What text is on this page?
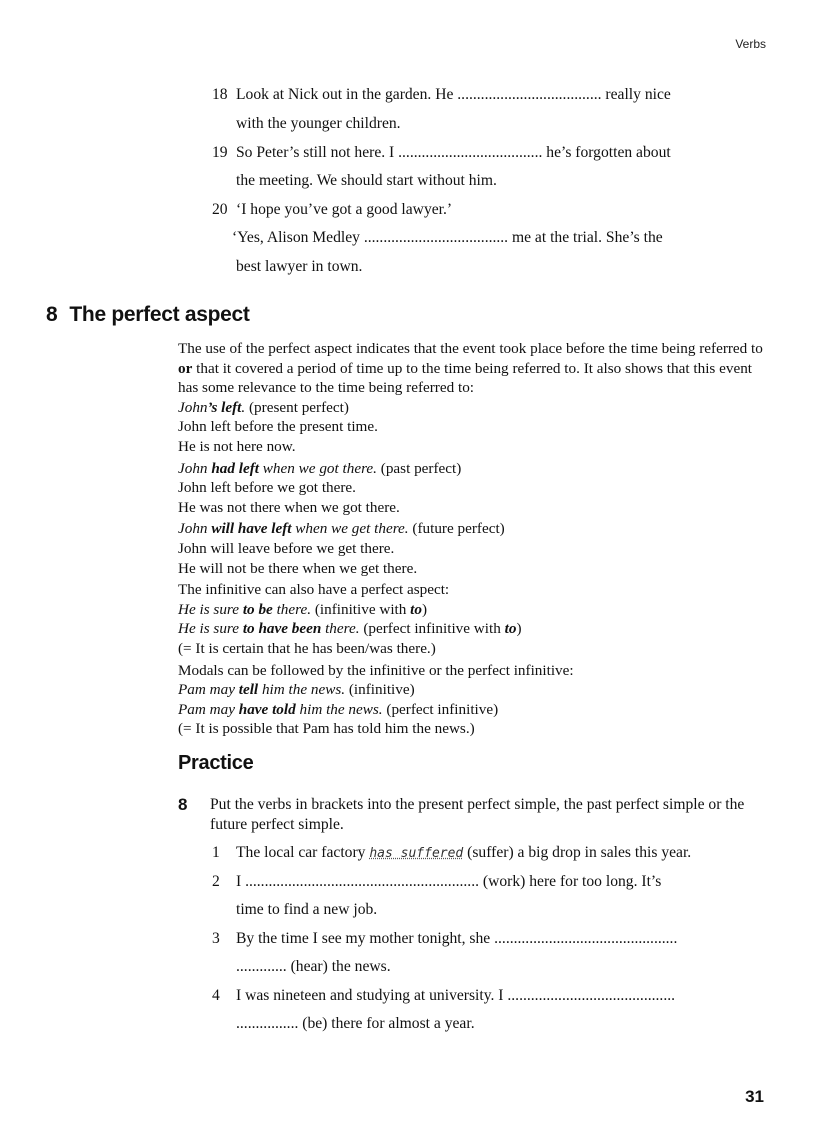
Verbs
31
18 Look at Nick out in the garden. He ..................................... really nice
with the younger children.
19 So Peter’s still not here. I ..................................... he’s forgotten about
the meeting. We should start without him.
20 ‘I hope you’ve got a good lawyer.’
‘Yes, Alison Medley ..................................... me at the trial. She’s the
best lawyer in town.
8 The perfect aspect

The use of the perfect aspect indicates that the event took place before the time being referred to or that it covered a period of time up to the time being referred to. It also shows that this event has some relevance to the time being referred to:

John’s left. (present perfect)

John left before the present time.

He is not here now.

John had left when we got there. (past perfect)

John left before we got there.

He was not there when we got there.

John will have left when we get there. (future perfect)

John will leave before we get there.

He will not be there when we get there.

The infinitive can also have a perfect aspect:

He is sure to be there. (infinitive with to)

He is sure to have been there. (perfect infinitive with to)

(= It is certain that he has been/was there.)

Modals can be followed by the infinitive or the perfect infinitive:

Pam may tell him the news. (infinitive)

Pam may have told him the news. (perfect infinitive)

(= It is possible that Pam has told him the news.)

Practice
8 Put the verbs in brackets into the present perfect simple, the past perfect simple or the future perfect simple.
1 The local car factory has suffered (suffer) a big drop in sales this year.
2 I ............................................................ (work) here for too long. It’s
time to find a new job.
3 By the time I see my mother tonight, she ...............................................
............. (hear) the news.
4 I was nineteen and studying at university. I ...........................................
................ (be) there for almost a year.
